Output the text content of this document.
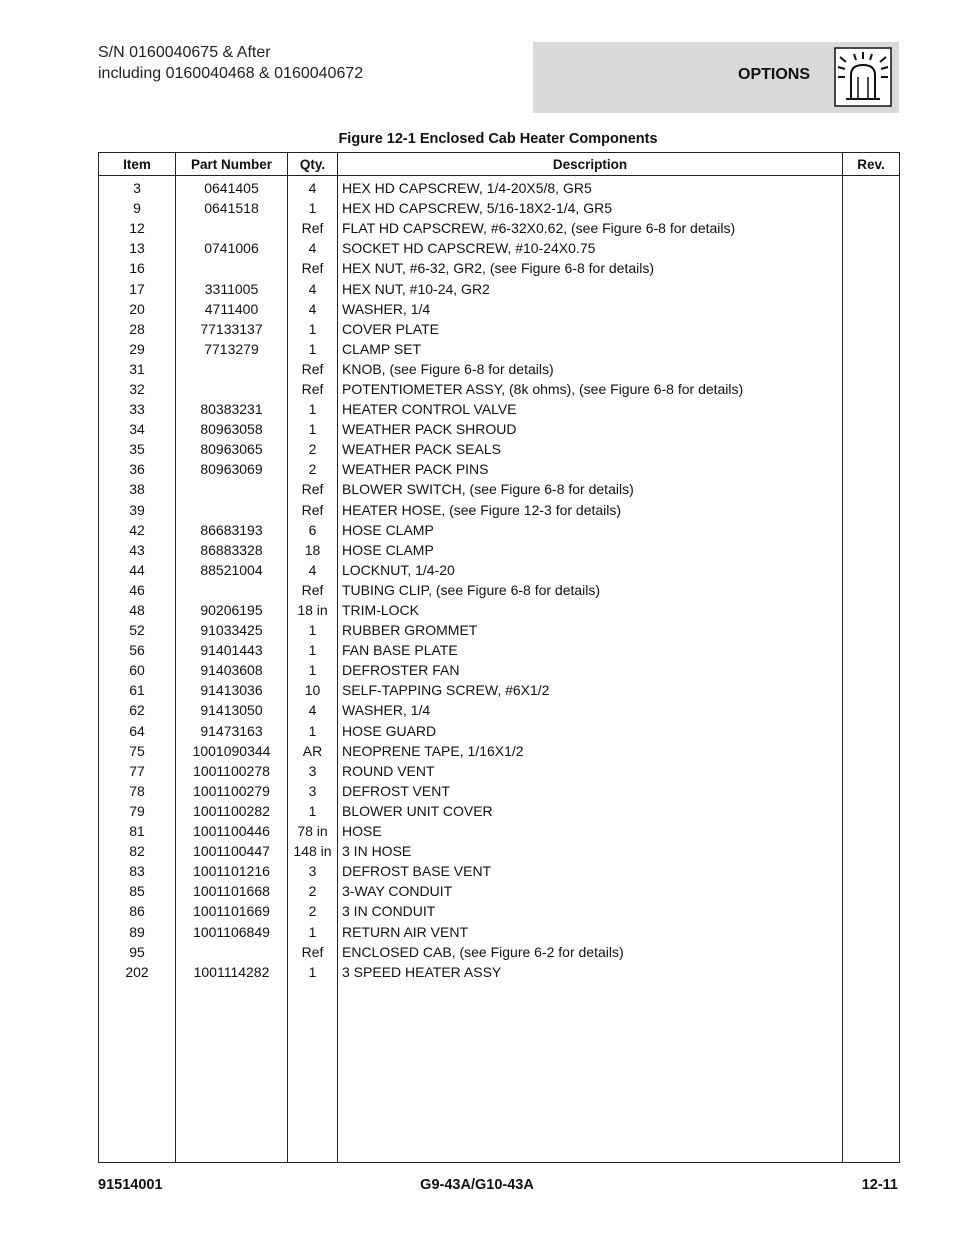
S/N 0160040675 & After
including 0160040468 & 0160040672	OPTIONS
Figure 12-1 Enclosed Cab Heater Components
Item	Part Number	Qty.	Description	Rev.
3	0641405	4	HEX HD CAPSCREW, 1/4-20X5/8, GR5	
9	0641518	1	HEX HD CAPSCREW, 5/16-18X2-1/4, GR5	
12		Ref	FLAT HD CAPSCREW, #6-32X0.62, (see Figure 6-8 for details)	
13	0741006	4	SOCKET HD CAPSCREW, #10-24X0.75	
16		Ref	HEX NUT, #6-32, GR2, (see Figure 6-8 for details)	
17	3311005	4	HEX NUT, #10-24, GR2	
20	4711400	4	WASHER, 1/4	
28	77133137	1	COVER PLATE	
29	7713279	1	CLAMP SET	
31		Ref	KNOB, (see Figure 6-8 for details)	
32		Ref	POTENTIOMETER ASSY, (8k ohms), (see Figure 6-8 for details)	
33	80383231	1	HEATER CONTROL VALVE	
34	80963058	1	WEATHER PACK SHROUD	
35	80963065	2	WEATHER PACK SEALS	
36	80963069	2	WEATHER PACK PINS	
38		Ref	BLOWER SWITCH, (see Figure 6-8 for details)	
39		Ref	HEATER HOSE, (see Figure 12-3 for details)	
42	86683193	6	HOSE CLAMP	
43	86883328	18	HOSE CLAMP	
44	88521004	4	LOCKNUT, 1/4-20	
46		Ref	TUBING CLIP, (see Figure 6-8 for details)	
48	90206195	18 in	TRIM-LOCK	
52	91033425	1	RUBBER GROMMET	
56	91401443	1	FAN BASE PLATE	
60	91403608	1	DEFROSTER FAN	
61	91413036	10	SELF-TAPPING SCREW, #6X1/2	
62	91413050	4	WASHER, 1/4	
64	91473163	1	HOSE GUARD	
75	1001090344	AR	NEOPRENE TAPE, 1/16X1/2	
77	1001100278	3	ROUND VENT	
78	1001100279	3	DEFROST VENT	
79	1001100282	1	BLOWER UNIT COVER	
81	1001100446	78 in	HOSE	
82	1001100447	148 in	3 IN HOSE	
83	1001101216	3	DEFROST BASE VENT	
85	1001101668	2	3-WAY CONDUIT	
86	1001101669	2	3 IN CONDUIT	
89	1001106849	1	RETURN AIR VENT	
95		Ref	ENCLOSED CAB, (see Figure 6-2 for details)	
202	1001114282	1	3 SPEED HEATER ASSY	

91514001	G9-43A/G10-43A	12-11
